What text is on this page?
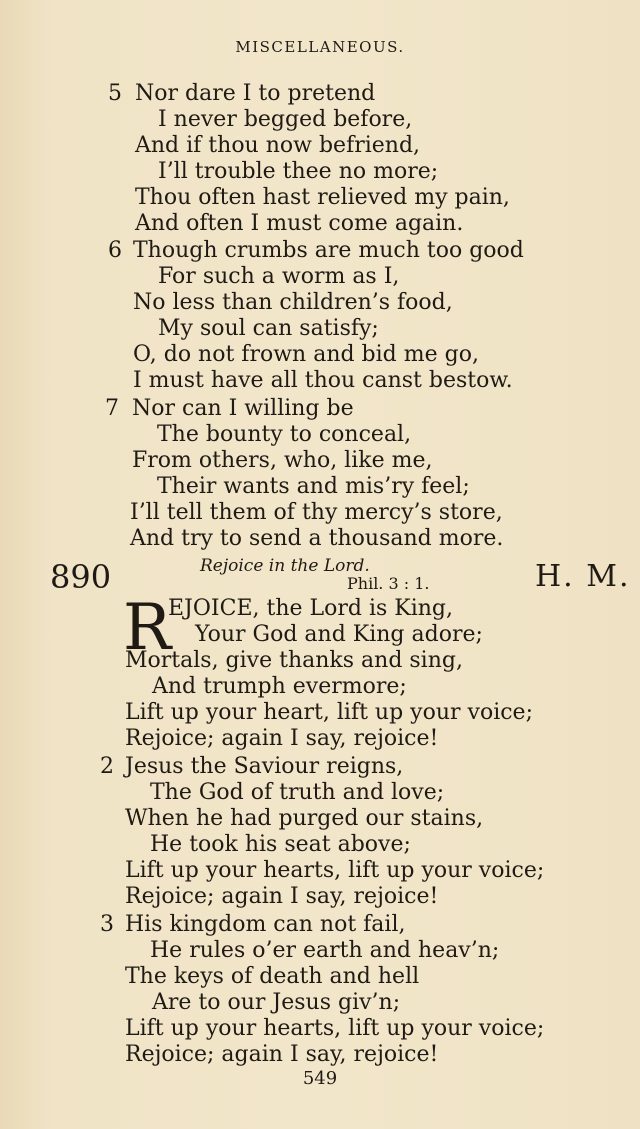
MISCELLANEOUS.
5 Nor dare I to pretend
I never begged before,
And if thou now befriend,
I’ll trouble thee no more;
Thou often hast relieved my pain,
And often I must come again.
6 Though crumbs are much too good
For such a worm as I,
No less than children’s food,
My soul can satisfy;
O, do not frown and bid me go,
I must have all thou canst bestow.
7 Nor can I willing be
The bounty to conceal,
From others, who, like me,
Their wants and mis’ry feel;
I’ll tell them of thy mercy’s store,
And try to send a thousand more.
890	Rejoice in the Lord.
Phil. 3 : 1.	H. M.
R
EJOICE, the Lord is King,
Your God and King adore;
Mortals, give thanks and sing,
And trumph evermore;
Lift up your heart, lift up your voice;
Rejoice; again I say, rejoice!
2 Jesus the Saviour reigns,
The God of truth and love;
When he had purged our stains,
He took his seat above;
Lift up your hearts, lift up your voice;
Rejoice; again I say, rejoice!
3 His kingdom can not fail,
He rules o’er earth and heav’n;
The keys of death and hell
Are to our Jesus giv’n;
Lift up your hearts, lift up your voice;
Rejoice; again I say, rejoice!
549
